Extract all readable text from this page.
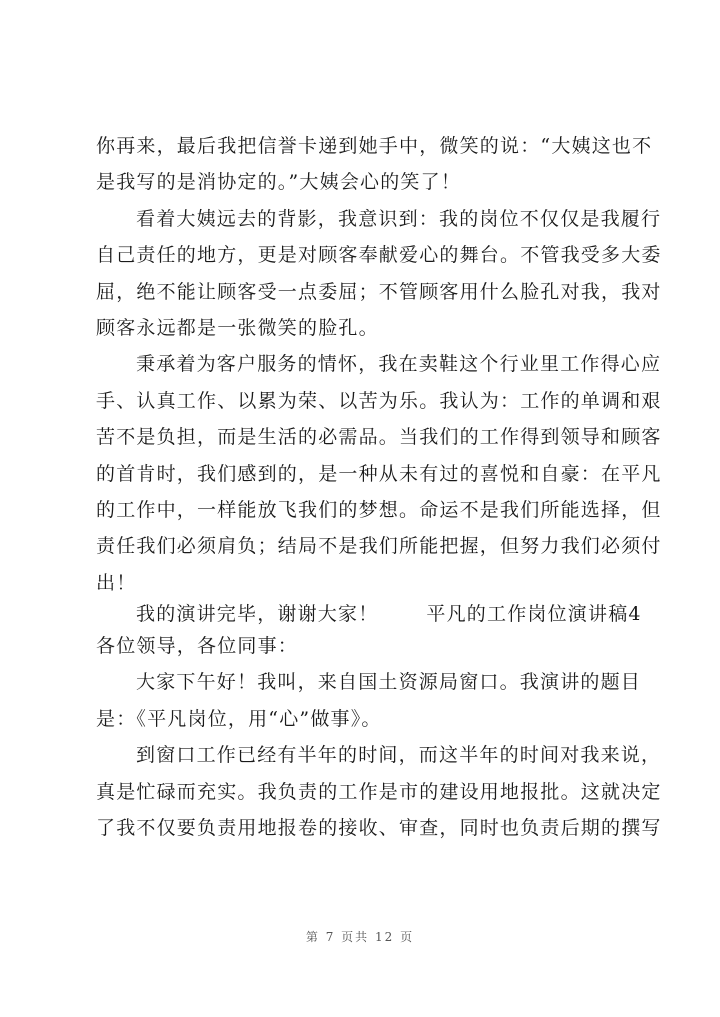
你再来，最后我把信誉卡递到她手中，微笑的说：“大姨这也不
是我写的是消协定的。”大姨会心的笑了！

看着大姨远去的背影，我意识到：我的岗位不仅仅是我履行
自己责任的地方，更是对顾客奉献爱心的舞台。不管我受多大委
屈，绝不能让顾客受一点委屈；不管顾客用什么脸孔对我，我对
顾客永远都是一张微笑的脸孔。

秉承着为客户服务的情怀，我在卖鞋这个行业里工作得心应
手、认真工作、以累为荣、以苦为乐。我认为：工作的单调和艰
苦不是负担，而是生活的必需品。当我们的工作得到领导和顾客
的首肯时，我们感到的，是一种从未有过的喜悦和自豪：在平凡
的工作中，一样能放飞我们的梦想。命运不是我们所能选择，但
责任我们必须肩负；结局不是我们所能把握，但努力我们必须付
出！

我的演讲完毕，谢谢大家！	平凡的工作岗位演讲稿4
各位领导，各位同事：

大家下午好！我叫，来自国土资源局窗口。我演讲的题目
是：《平凡岗位，用“心”做事》。

到窗口工作已经有半年的时间，而这半年的时间对我来说，
真是忙碌而充实。我负责的工作是市的建设用地报批。这就决定
了我不仅要负责用地报卷的接收、审查，同时也负责后期的撰写

第 7 页共 12 页
